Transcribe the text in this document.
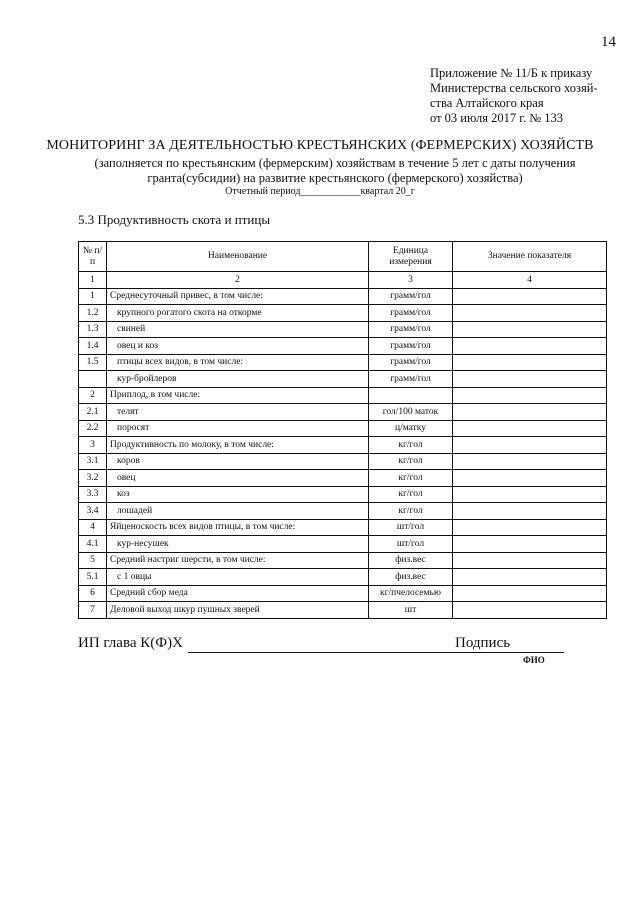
14
Приложение № 11/Б к приказу
Министерства сельского хозяй-
ства Алтайского края
от 03 июля 2017 г. № 133
МОНИТОРИНГ ЗА ДЕЯТЕЛЬНОСТЬЮ КРЕСТЬЯНСКИХ (ФЕРМЕРСКИХ) ХОЗЯЙСТВ
(заполняется по крестьянским (фермерским) хозяйствам в течение 5 лет с даты получения гранта(субсидии) на развитие крестьянского (фермерского) хозяйства)
Отчетный период____________квартал 20_г
5.3 Продуктивность скота и птицы
№ п/п	Наименование	Единица измерения	Значение показателя
1	2	3	4
1	Среднесуточный привес, в том числе:	грамм/гол	
1.2	крупного рогатого скота на откорме	грамм/гол	
1.3	свиней	грамм/гол	
1.4	овец и коз	грамм/гол	
1.5	птицы всех видов, в том числе:	грамм/гол	
	кур-бройлеров	грамм/гол	
2	Приплод, в том числе:		
2.1	телят	гол/100 маток	
2.2	поросят	ц/матку	
3	Продуктивность по молоку, в том числе:	кг/гол	
3.1	коров	кг/гол	
3.2	овец	кг/гол	
3.3	коз	кг/гол	
3.4	лошадей	кг/гол	
4	Яйценоскость всех видов птицы, в том числе:	шт/гол	
4.1	кур-несушек	шт/гол	
5	Средний настриг шерсти, в том числе:	физ.вес	
5.1	с 1 овцы	физ.вес	
6	Средний сбор меда	кг/пчелосемью	
7	Деловой выход шкур пушных зверей	шт	
ИП глава К(Ф)Х	Подпись
ФИО
